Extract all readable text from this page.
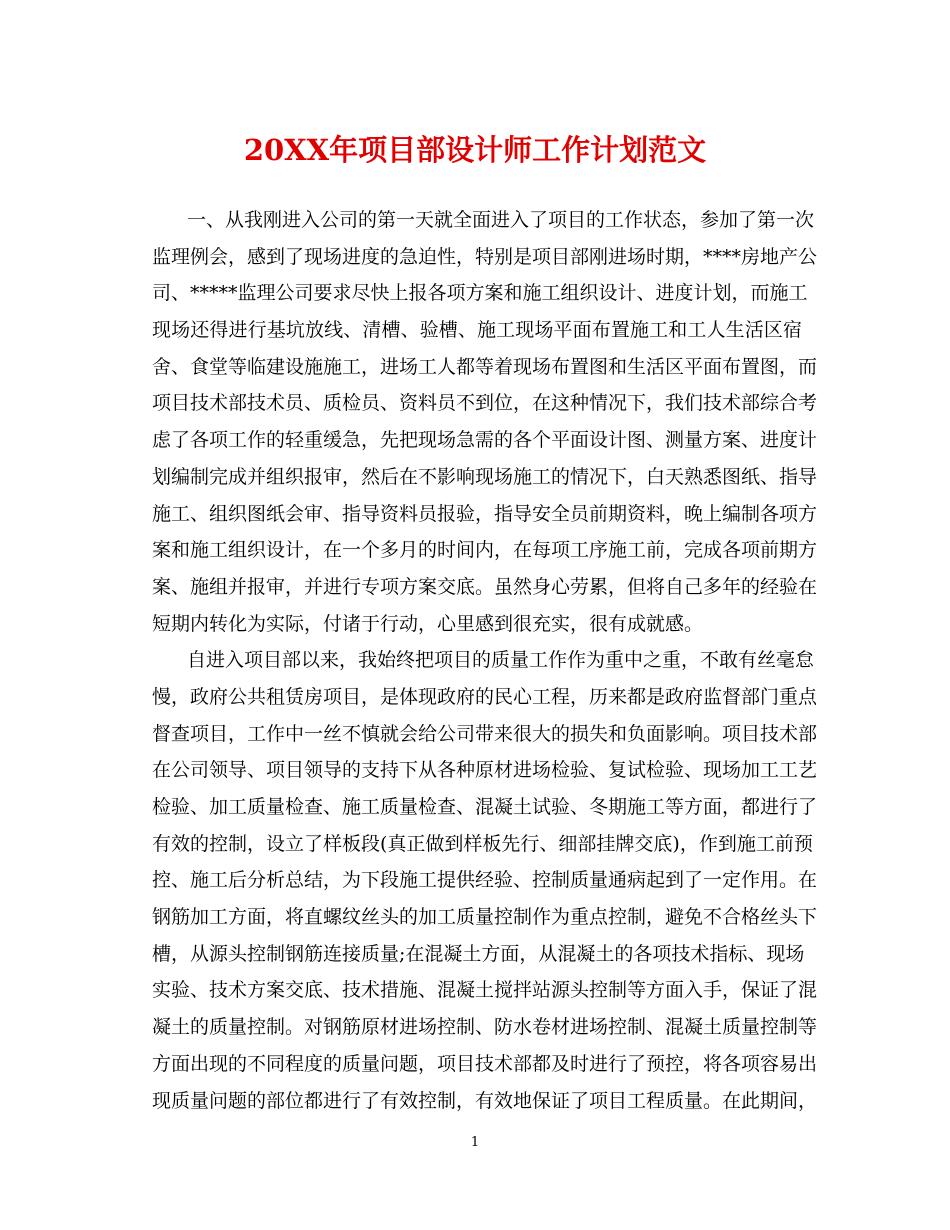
20XX年项目部设计师工作计划范文
一、从我刚进入公司的第一天就全面进入了项目的工作状态，参加了第一次
监理例会，感到了现场进度的急迫性，特别是项目部刚进场时期，****房地产公
司、*****监理公司要求尽快上报各项方案和施工组织设计、进度计划，而施工
现场还得进行基坑放线、清槽、验槽、施工现场平面布置施工和工人生活区宿
舍、食堂等临建设施施工，进场工人都等着现场布置图和生活区平面布置图，而
项目技术部技术员、质检员、资料员不到位，在这种情况下，我们技术部综合考
虑了各项工作的轻重缓急，先把现场急需的各个平面设计图、测量方案、进度计
划编制完成并组织报审，然后在不影响现场施工的情况下，白天熟悉图纸、指导
施工、组织图纸会审、指导资料员报验，指导安全员前期资料，晚上编制各项方
案和施工组织设计，在一个多月的时间内，在每项工序施工前，完成各项前期方
案、施组并报审，并进行专项方案交底。虽然身心劳累，但将自己多年的经验在
短期内转化为实际，付诸于行动，心里感到很充实，很有成就感。
自进入项目部以来，我始终把项目的质量工作作为重中之重，不敢有丝毫怠
慢，政府公共租赁房项目，是体现政府的民心工程，历来都是政府监督部门重点
督查项目，工作中一丝不慎就会给公司带来很大的损失和负面影响。项目技术部
在公司领导、项目领导的支持下从各种原材进场检验、复试检验、现场加工工艺
检验、加工质量检查、施工质量检查、混凝土试验、冬期施工等方面，都进行了
有效的控制，设立了样板段(真正做到样板先行、细部挂牌交底)，作到施工前预
控、施工后分析总结，为下段施工提供经验、控制质量通病起到了一定作用。在
钢筋加工方面，将直螺纹丝头的加工质量控制作为重点控制，避免不合格丝头下
槽，从源头控制钢筋连接质量;在混凝土方面，从混凝土的各项技术指标、现场
实验、技术方案交底、技术措施、混凝土搅拌站源头控制等方面入手，保证了混
凝土的质量控制。对钢筋原材进场控制、防水卷材进场控制、混凝土质量控制等
方面出现的不同程度的质量问题，项目技术部都及时进行了预控，将各项容易出
现质量问题的部位都进行了有效控制，有效地保证了项目工程质量。在此期间，
1
